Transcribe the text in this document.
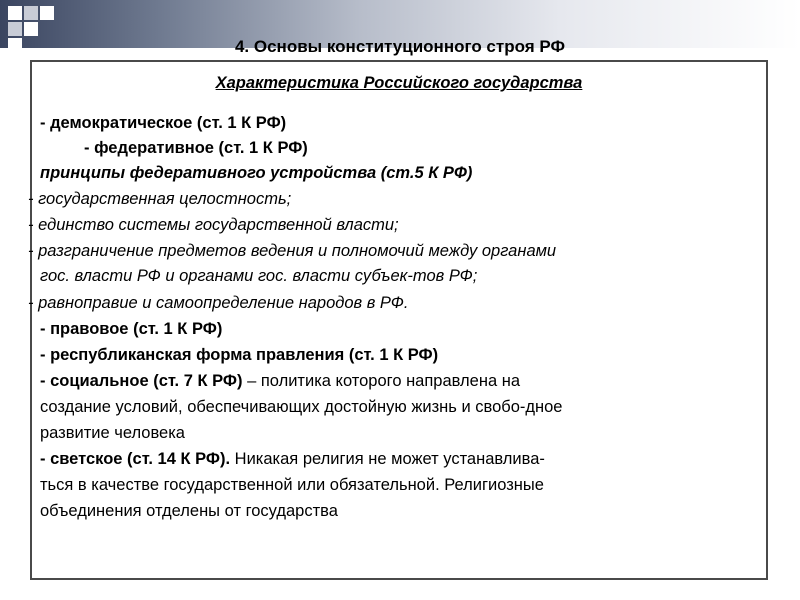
4. Основы конституционного строя РФ
Характеристика Российского государства
- демократическое (ст. 1 К РФ)
- федеративное (ст. 1 К РФ)
принципы федеративного устройства (ст.5 К РФ)
- государственная целостность;
- единство системы государственной власти;
- разграничение предметов ведения и полномочий между органами
гос. власти РФ и органами гос. власти субъек-тов РФ;
- равноправие и самоопределение народов в РФ.
- правовое (ст. 1 К РФ)
- республиканская форма правления (ст. 1 К РФ)
- социальное (ст. 7 К РФ) – политика которого направлена на
создание условий, обеспечивающих достойную жизнь и свобо-дное
развитие человека
- светское (ст. 14 К РФ). Никакая религия не может устанавлива-
ться в качестве государственной или обязательной. Религиозные
объединения отделены от государства
